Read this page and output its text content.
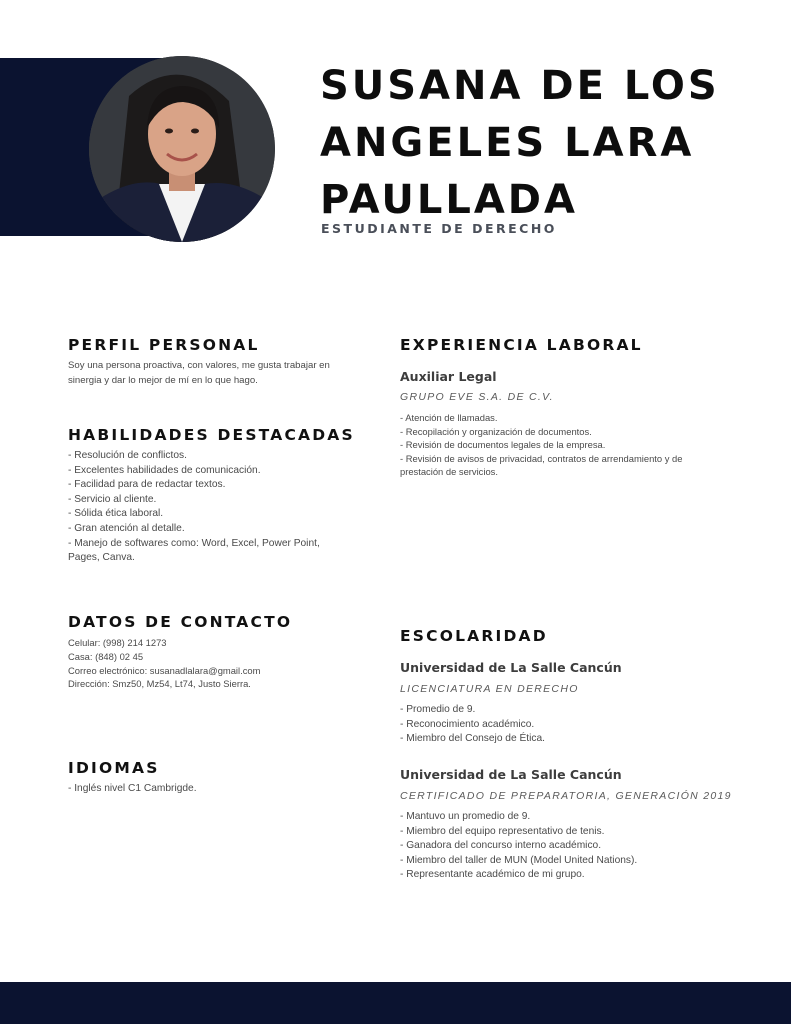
SUSANA DE LOS
ANGELES LARA
PAULLADA
ESTUDIANTE DE DERECHO
PERFIL PERSONAL
Soy una persona proactiva, con valores, me gusta trabajar en
sinergia y dar lo mejor de mí en lo que hago.
HABILIDADES DESTACADAS
- Resolución de conflictos.
- Excelentes habilidades de comunicación.
- Facilidad para de redactar textos.
- Servicio al cliente.
- Sólida ética laboral.
- Gran atención al detalle.
- Manejo de softwares como: Word, Excel, Power Point,
Pages, Canva.
DATOS DE CONTACTO
Celular: (998) 214 1273
Casa: (848) 02 45
Correo electrónico: susanadlalara@gmail.com
Dirección: Smz50, Mz54, Lt74, Justo Sierra.
IDIOMAS
- Inglés nivel C1 Cambrigde.
EXPERIENCIA LABORAL
Auxiliar Legal
GRUPO EVE S.A. DE C.V.
- Atención de llamadas.
- Recopilación y organización de documentos.
- Revisión de documentos legales de la empresa.
- Revisión de avisos de privacidad, contratos de arrendamiento y de
prestación de servicios.
ESCOLARIDAD
Universidad de La Salle Cancún
LICENCIATURA EN DERECHO
- Promedio de 9.
- Reconocimiento académico.
- Miembro del Consejo de Ética.
Universidad de La Salle Cancún
CERTIFICADO DE PREPARATORIA, GENERACIÓN 2019
- Mantuvo un promedio de 9.
- Miembro del equipo representativo de tenis.
- Ganadora del concurso interno académico.
- Miembro del taller de MUN (Model United Nations).
- Representante académico de mi grupo.
